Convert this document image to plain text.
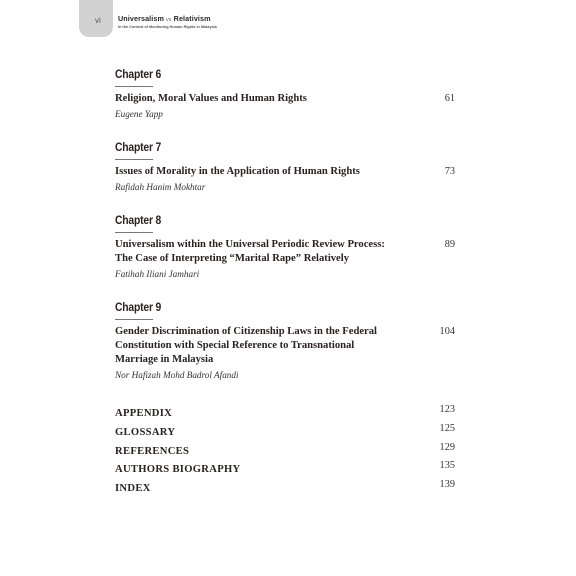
vi Universalism vs Relativism
In the Context of Monitoring Human Rights in Malaysia
Chapter 6
Religion, Moral Values and Human Rights	61
Eugene Yapp
Chapter 7
Issues of Morality in the Application of Human Rights	73
Rafidah Hanim Mokhtar
Chapter 8
Universalism within the Universal Periodic Review Process:
The Case of Interpreting “Marital Rape” Relatively
89
Fatihah Iliani Jamhari
Chapter 9
Gender Discrimination of Citizenship Laws in the Federal
Constitution with Special Reference to Transnational
Marriage in Malaysia
104
Nor Hafizah Mohd Badrol Afandi
APPENDIX	123
GLOSSARY	125
REFERENCES	129
AUTHORS BIOGRAPHY	135
INDEX	139
